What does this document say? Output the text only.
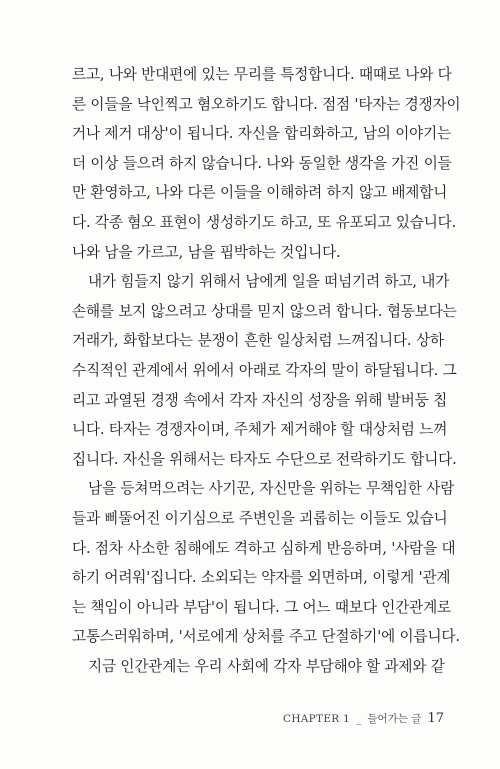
르고, 나와 반대편에 있는 무리를 특정합니다. 때때로 나와 다
른 이들을 낙인찍고 혐오하기도 합니다. 점점 '타자는 경쟁자이
거나 제거 대상'이 됩니다. 자신을 합리화하고, 남의 이야기는
더 이상 들으려 하지 않습니다. 나와 동일한 생각을 가진 이들
만 환영하고, 나와 다른 이들을 이해하려 하지 않고 배제합니
다. 각종 혐오 표현이 생성하기도 하고, 또 유포되고 있습니다.
나와 남을 가르고, 남을 핍박하는 것입니다.
내가 힘들지 않기 위해서 남에게 일을 떠넘기려 하고, 내가
손해를 보지 않으려고 상대를 믿지 않으려 합니다. 협동보다는
거래가, 화합보다는 분쟁이 흔한 일상처럼 느껴집니다. 상하
수직적인 관계에서 위에서 아래로 각자의 말이 하달됩니다. 그
리고 과열된 경쟁 속에서 각자 자신의 성장을 위해 발버둥 칩
니다. 타자는 경쟁자이며, 주체가 제거해야 할 대상처럼 느껴
집니다. 자신을 위해서는 타자도 수단으로 전락하기도 합니다.
남을 등쳐먹으려는 사기꾼, 자신만을 위하는 무책임한 사람
들과 삐뚤어진 이기심으로 주변인을 괴롭히는 이들도 있습니
다. 점차 사소한 침해에도 격하고 심하게 반응하며, '사람을 대
하기 어려워'집니다. 소외되는 약자를 외면하며, 이렇게 '관계
는 책임이 아니라 부담'이 됩니다. 그 어느 때보다 인간관계로
고통스러워하며, '서로에게 상처를 주고 단절하기'에 이릅니다.
지금 인간관계는 우리 사회에 각자 부담해야 할 과제와 같
CHAPTER 1 _ 들어가는 글 17
